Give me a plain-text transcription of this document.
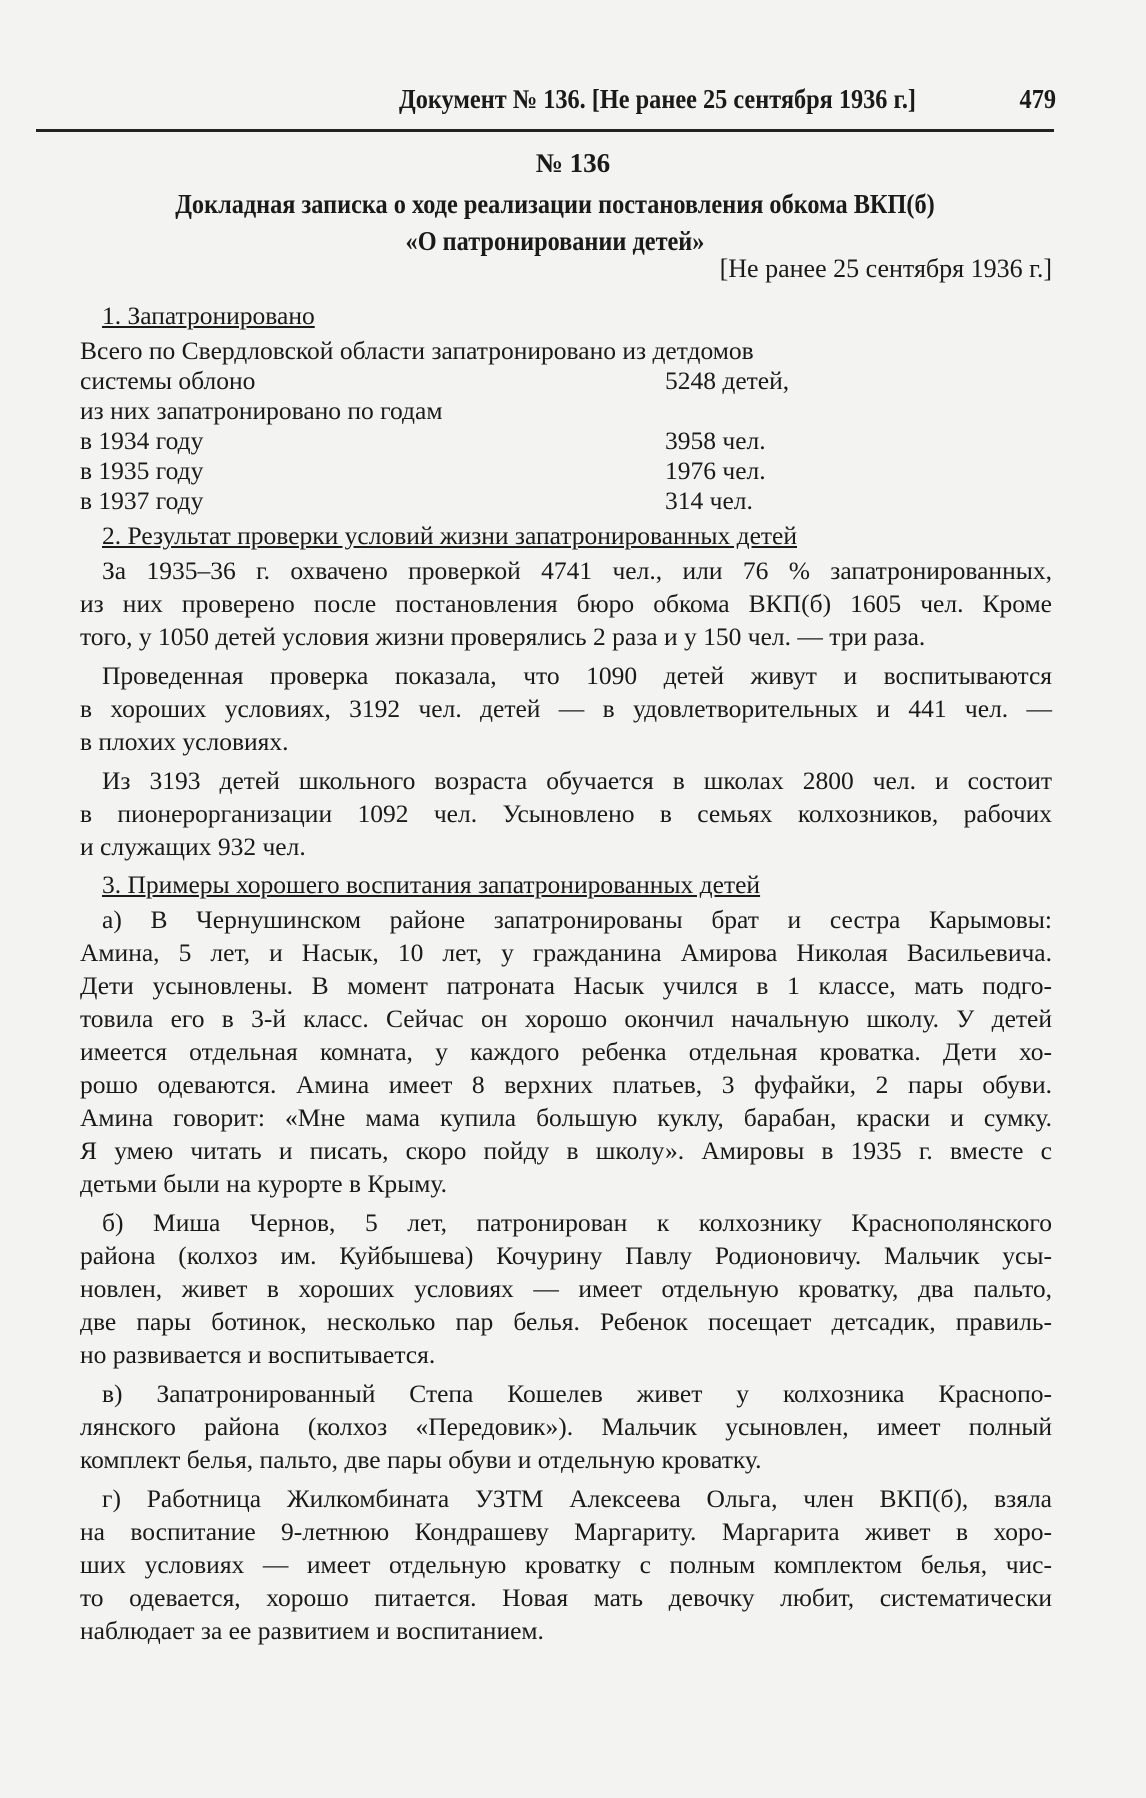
Документ № 136. [Не ранее 25 сентября 1936 г.]	479
№ 136
Докладная записка о ходе реализации постановления обкома ВКП(б)
«О патронировании детей»
[Не ранее 25 сентября 1936 г.]
1. Запатронировано
Всего по Свердловской области запатронировано из детдомов
системы облоно	5248 детей,
из них запатронировано по годам
в 1934 году	3958 чел.
в 1935 году	1976 чел.
в 1937 году	314 чел.
2. Результат проверки условий жизни запатронированных детей
За 1935–36 г. охвачено проверкой 4741 чел., или 76 % запатронированных,
из них проверено после постановления бюро обкома ВКП(б) 1605 чел. Кроме
того, у 1050 детей условия жизни проверялись 2 раза и у 150 чел. — три раза.
Проведенная проверка показала, что 1090 детей живут и воспитываются
в хороших условиях, 3192 чел. детей — в удовлетворительных и 441 чел. —
в плохих условиях.
Из 3193 детей школьного возраста обучается в школах 2800 чел. и состоит
в пионерорганизации 1092 чел. Усыновлено в семьях колхозников, рабочих
и служащих 932 чел.
3. Примеры хорошего воспитания запатронированных детей
а) В Чернушинском районе запатронированы брат и сестра Карымовы:
Амина, 5 лет, и Насык, 10 лет, у гражданина Амирова Николая Васильевича.
Дети усыновлены. В момент патроната Насык учился в 1 классе, мать подго-
товила его в 3-й класс. Сейчас он хорошо окончил начальную школу. У детей
имеется отдельная комната, у каждого ребенка отдельная кроватка. Дети хо-
рошо одеваются. Амина имеет 8 верхних платьев, 3 фуфайки, 2 пары обуви.
Амина говорит: «Мне мама купила большую куклу, барабан, краски и сумку.
Я умею читать и писать, скоро пойду в школу». Амировы в 1935 г. вместе с
детьми были на курорте в Крыму.
б) Миша Чернов, 5 лет, патронирован к колхознику Краснополянского
района (колхоз им. Куйбышева) Кочурину Павлу Родионовичу. Мальчик усы-
новлен, живет в хороших условиях — имеет отдельную кроватку, два пальто,
две пары ботинок, несколько пар белья. Ребенок посещает детсадик, правиль-
но развивается и воспитывается.
в) Запатронированный Степа Кошелев живет у колхозника Краснопо-
лянского района (колхоз «Передовик»). Мальчик усыновлен, имеет полный
комплект белья, пальто, две пары обуви и отдельную кроватку.
г) Работница Жилкомбината УЗТМ Алексеева Ольга, член ВКП(б), взяла
на воспитание 9-летнюю Кондрашеву Маргариту. Маргарита живет в хоро-
ших условиях — имеет отдельную кроватку с полным комплектом белья, чис-
то одевается, хорошо питается. Новая мать девочку любит, систематически
наблюдает за ее развитием и воспитанием.
